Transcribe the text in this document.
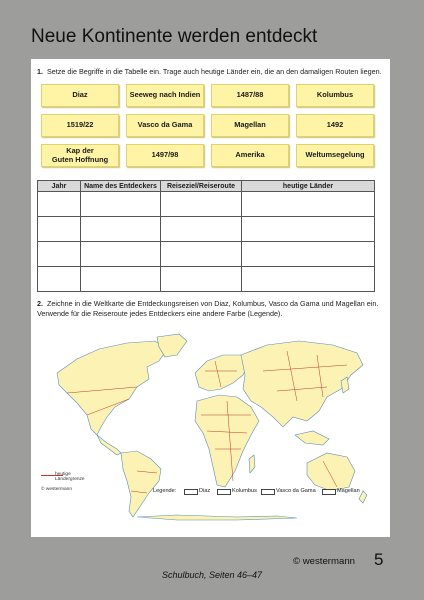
Neue Kontinente werden entdeckt
1. Setze die Begriffe in die Tabelle ein. Trage auch heutige Länder ein, die an den damaligen Routen liegen.
Diaz	Seeweg nach Indien	1487/88	Kolumbus
1519/22	Vasco da Gama	Magellan	1492
Kap der
Guten Hoffnung	1497/98	Amerika	Weltumsegelung
Jahr	Name des Entdeckers	Reiseziel/Reiseroute	heutige Länder

2. Zeichne in die Weltkarte die Entdeckungsreisen von Diaz, Kolumbus, Vasco da Gama und Magellan ein. Verwende für die Reiseroute jedes Entdeckers eine andere Farbe (Legende).
heutige Ländergrenze
© westermann	Legende:	Diaz	Kolumbus	Vasco da Gama	Magellan
© westermann 5
Schulbuch, Seiten 46–47
